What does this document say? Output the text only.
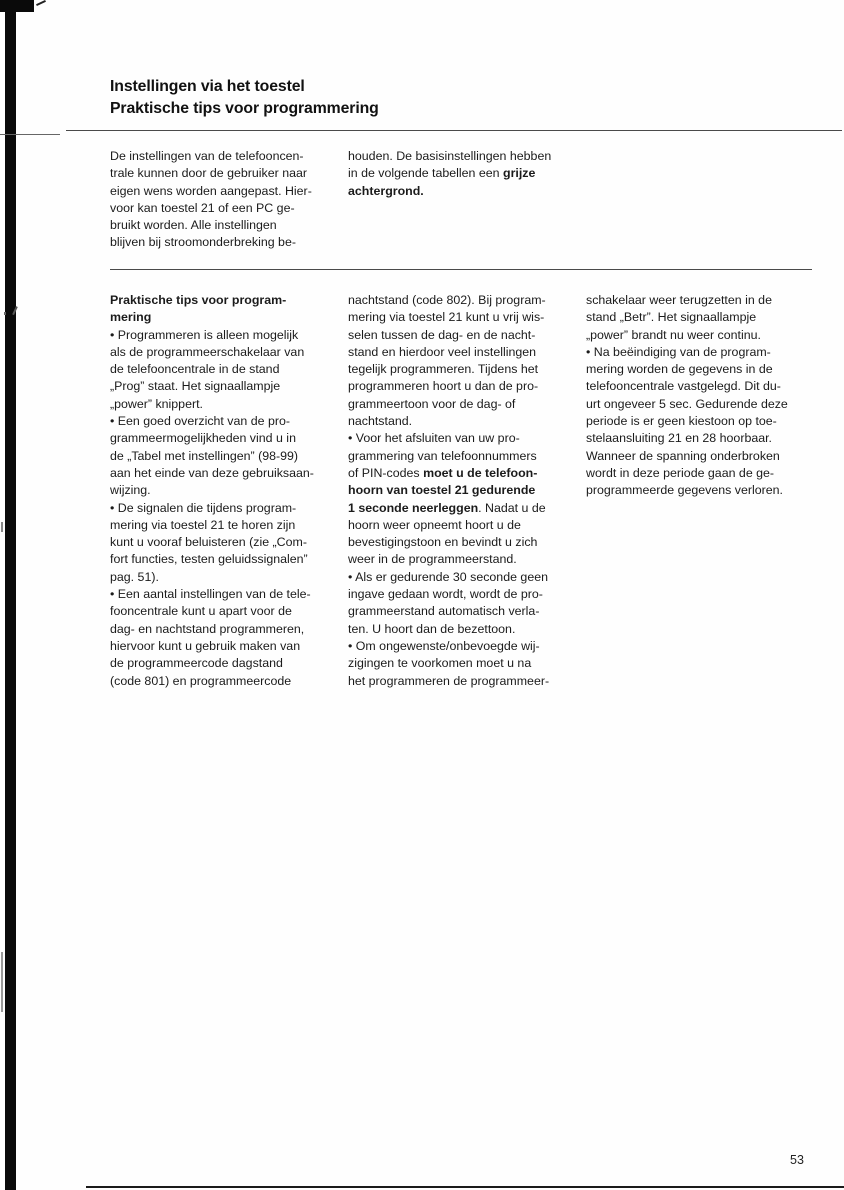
Instellingen via het toestel
Praktische tips voor programmering
De instellingen van de telefooncen-
trale kunnen door de gebruiker naar
eigen wens worden aangepast. Hier-
voor kan toestel 21 of een PC ge-
bruikt worden. Alle instellingen
blijven bij stroomonderbreking be-
houden. De basisinstellingen hebben
in de volgende tabellen een grijze
achtergrond.
Praktische tips voor program-
mering
• Programmeren is alleen mogelijk
als de programmeerschakelaar van
de telefooncentrale in de stand
„Prog” staat. Het signaallampje
„power” knippert.
• Een goed overzicht van de pro-
grammeermogelijkheden vind u in
de „Tabel met instellingen” (98-99)
aan het einde van deze gebruiksaan-
wijzing.
• De signalen die tijdens program-
mering via toestel 21 te horen zijn
kunt u vooraf beluisteren (zie „Com-
fort functies, testen geluidssignalen”
pag. 51).
• Een aantal instellingen van de tele-
fooncentrale kunt u apart voor de
dag- en nachtstand programmeren,
hiervoor kunt u gebruik maken van
de programmeercode dagstand
(code 801) en programmeercode
nachtstand (code 802). Bij program-
mering via toestel 21 kunt u vrij wis-
selen tussen de dag- en de nacht-
stand en hierdoor veel instellingen
tegelijk programmeren. Tijdens het
programmeren hoort u dan de pro-
grammeertoon voor de dag- of
nachtstand.
• Voor het afsluiten van uw pro-
grammering van telefoonnummers
of PIN-codes moet u de telefoon-
hoorn van toestel 21 gedurende
1 seconde neerleggen. Nadat u de
hoorn weer opneemt hoort u de
bevestigingstoon en bevindt u zich
weer in de programmeerstand.
• Als er gedurende 30 seconde geen
ingave gedaan wordt, wordt de pro-
grammeerstand automatisch verla-
ten. U hoort dan de bezettoon.
• Om ongewenste/onbevoegde wij-
zigingen te voorkomen moet u na
het programmeren de programmeer-
schakelaar weer terugzetten in de
stand „Betr”. Het signaallampje
„power” brandt nu weer continu.
• Na beëindiging van de program-
mering worden de gegevens in de
telefooncentrale vastgelegd. Dit du-
urt ongeveer 5 sec. Gedurende deze
periode is er geen kiestoon op toe-
stelaansluiting 21 en 28 hoorbaar.
Wanneer de spanning onderbroken
wordt in deze periode gaan de ge-
programmeerde gegevens verloren.
53
